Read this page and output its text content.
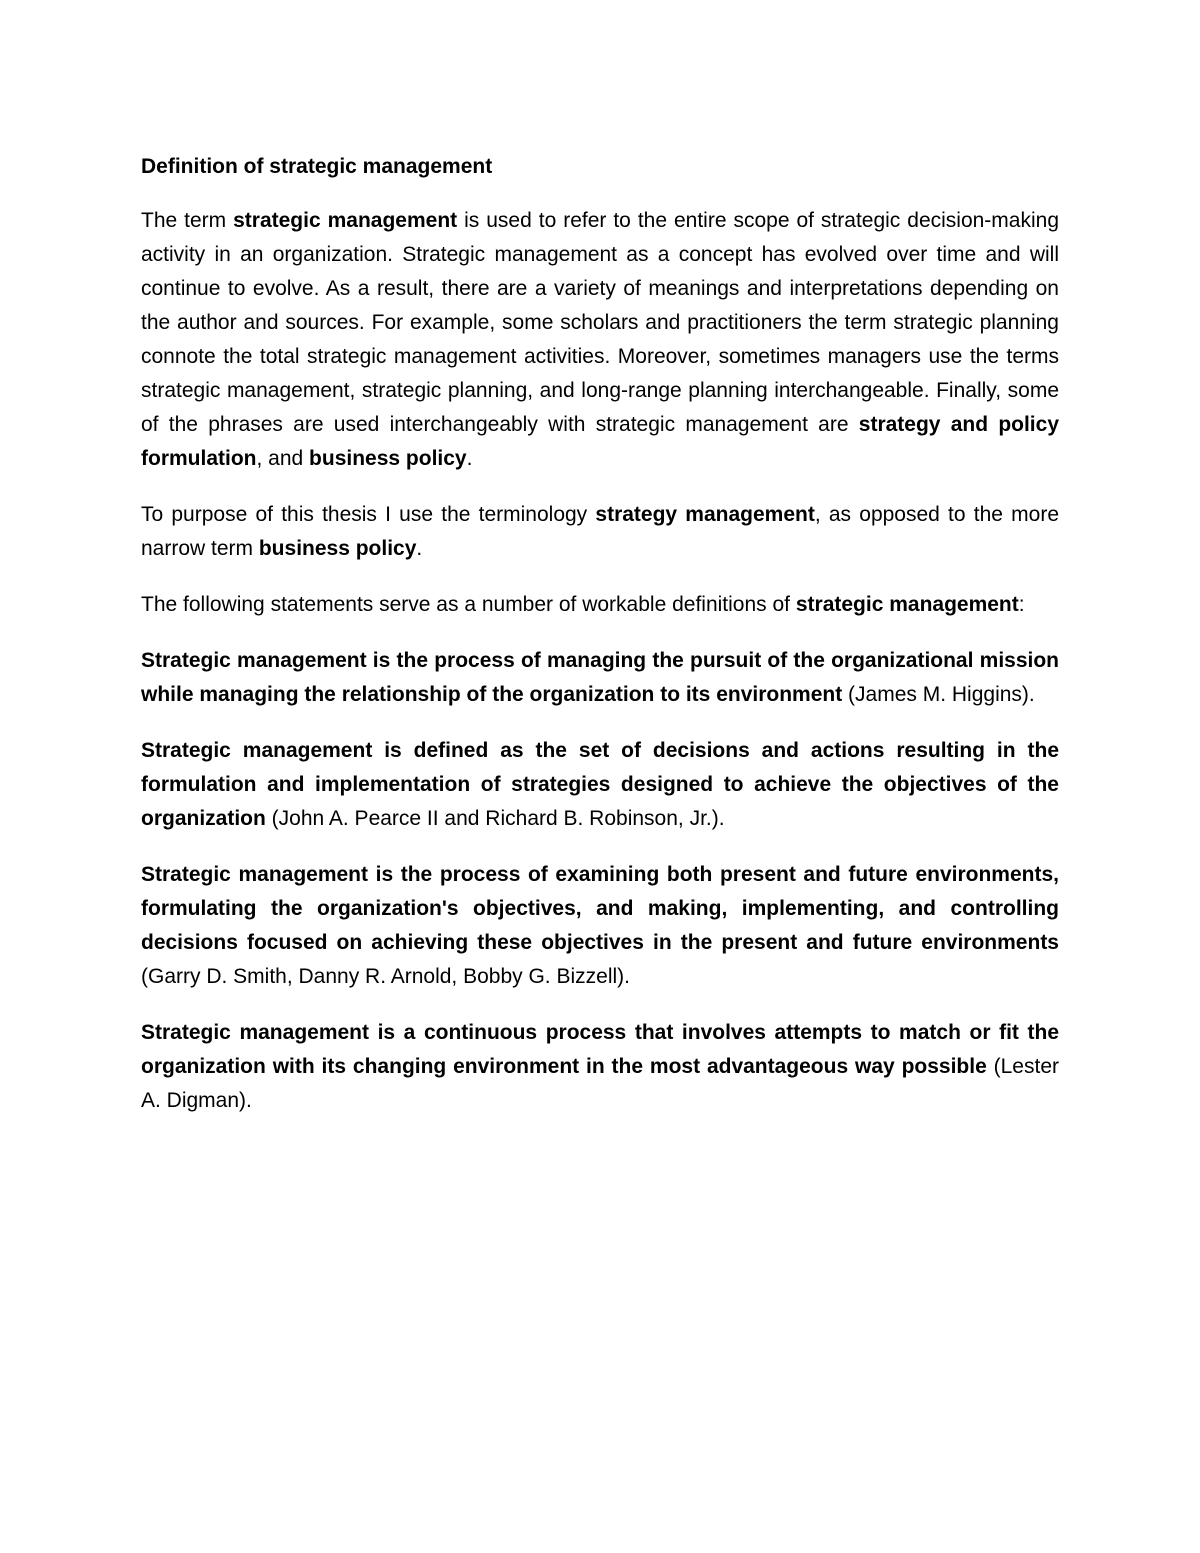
Definition of strategic management

The term strategic management is used to refer to the entire scope of strategic decision-making activity in an organization. Strategic management as a concept has evolved over time and will continue to evolve. As a result, there are a variety of meanings and interpretations depending on the author and sources. For example, some scholars and practitioners the term strategic planning connote the total strategic management activities. Moreover, sometimes managers use the terms strategic management, strategic planning, and long-range planning interchangeable. Finally, some of the phrases are used interchangeably with strategic management are strategy and policy formulation, and business policy.

To purpose of this thesis I use the terminology strategy management, as opposed to the more narrow term business policy.

The following statements serve as a number of workable definitions of strategic management:

Strategic management is the process of managing the pursuit of the organizational mission while managing the relationship of the organization to its environment (James M. Higgins).

Strategic management is defined as the set of decisions and actions resulting in the formulation and implementation of strategies designed to achieve the objectives of the organization (John A. Pearce II and Richard B. Robinson, Jr.).

Strategic management is the process of examining both present and future environments, formulating the organization's objectives, and making, implementing, and controlling decisions focused on achieving these objectives in the present and future environments (Garry D. Smith, Danny R. Arnold, Bobby G. Bizzell).

Strategic management is a continuous process that involves attempts to match or fit the organization with its changing environment in the most advantageous way possible (Lester A. Digman).
